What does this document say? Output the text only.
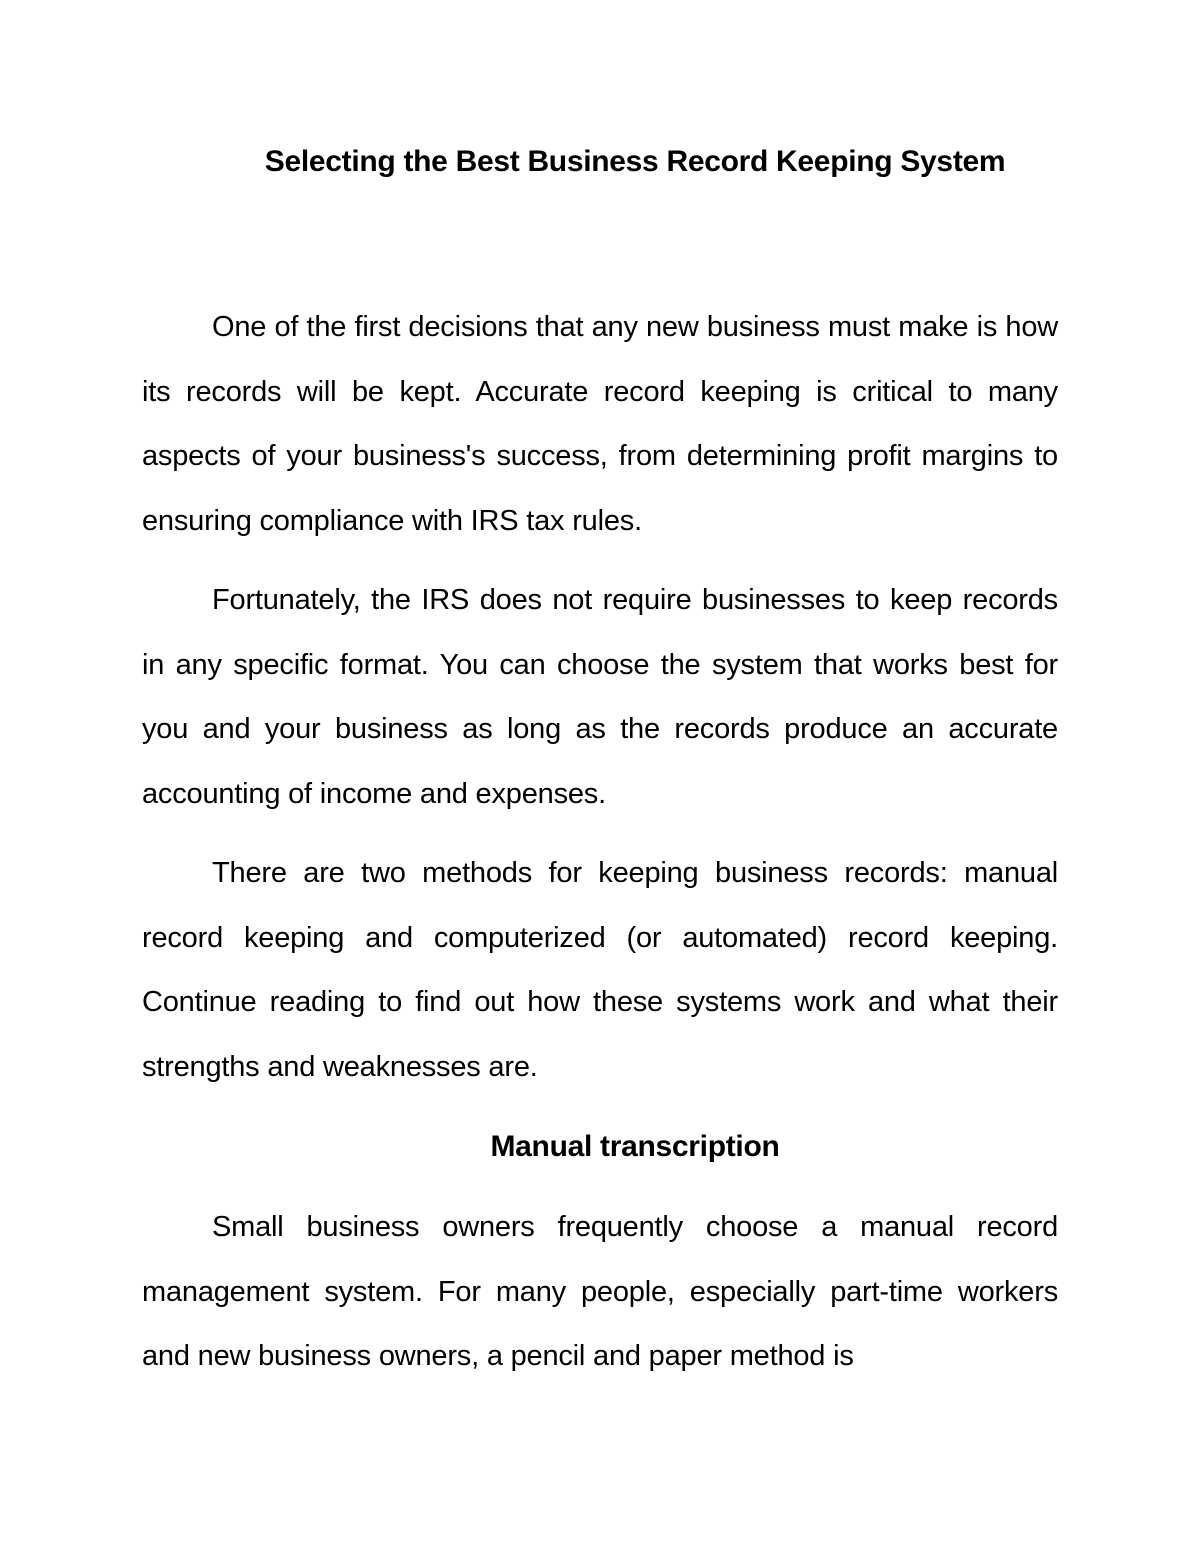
Selecting the Best Business Record Keeping System

One of the first decisions that any new business must make is how its records will be kept. Accurate record keeping is critical to many aspects of your business's success, from determining profit margins to ensuring compliance with IRS tax rules.

Fortunately, the IRS does not require businesses to keep records in any specific format. You can choose the system that works best for you and your business as long as the records produce an accurate accounting of income and expenses.

There are two methods for keeping business records: manual record keeping and computerized (or automated) record keeping. Continue reading to find out how these systems work and what their strengths and weaknesses are.

Manual transcription

Small business owners frequently choose a manual record management system. For many people, especially part-time workers and new business owners, a pencil and paper method is
